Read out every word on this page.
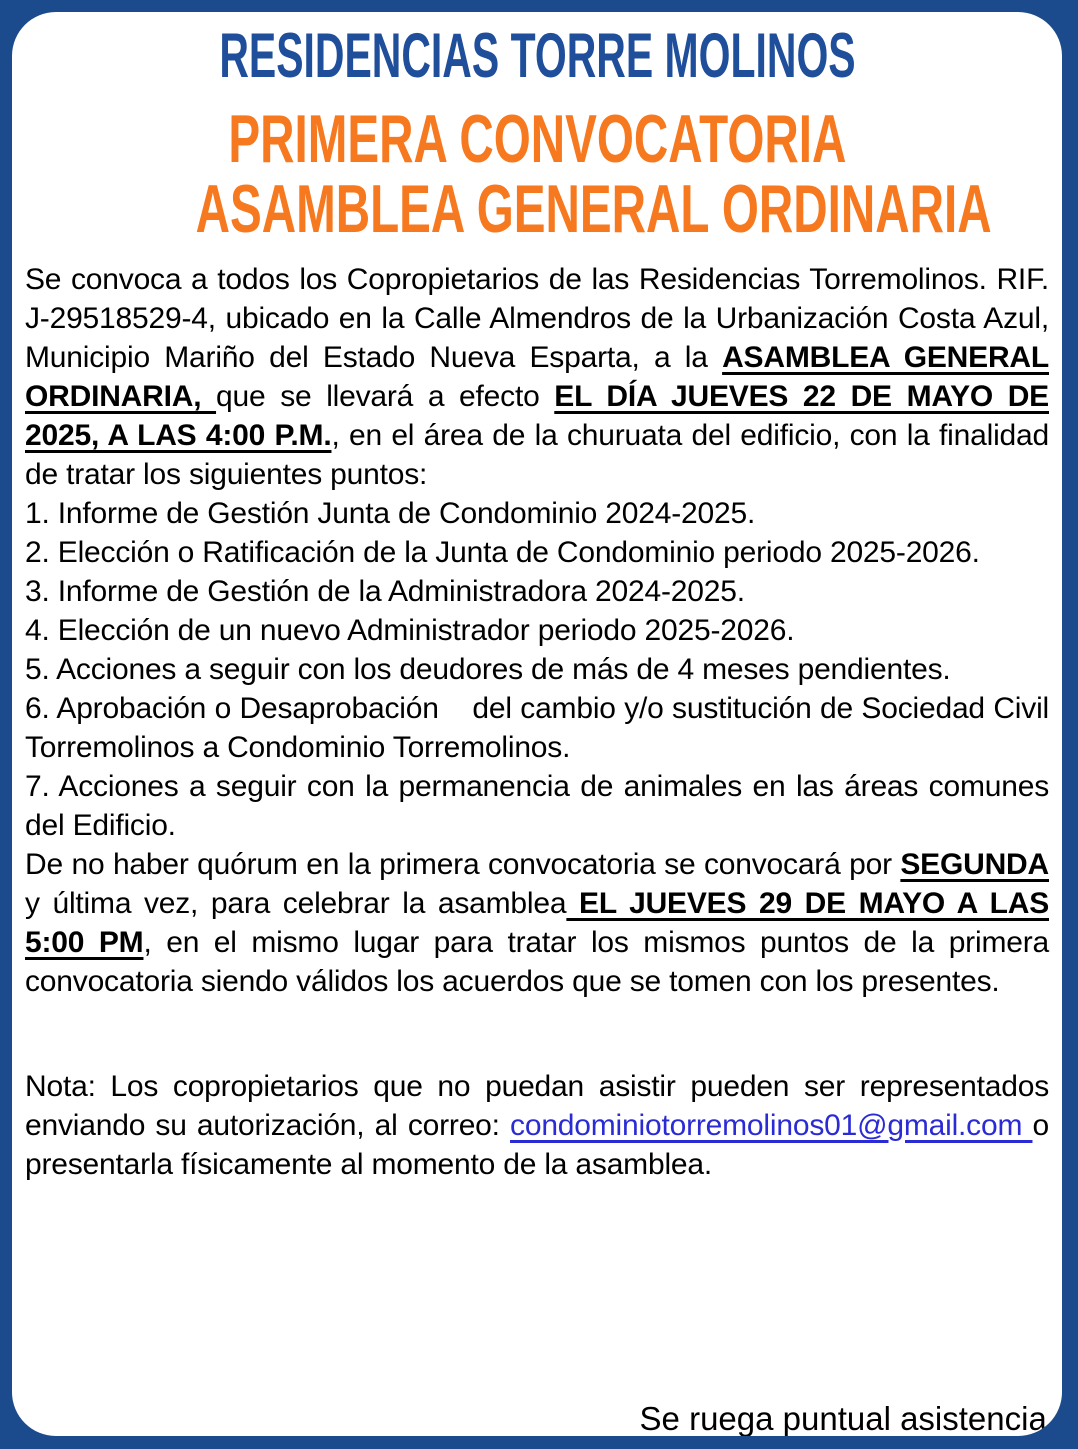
RESIDENCIAS TORRE MOLINOS
PRIMERA CONVOCATORIA
ASAMBLEA GENERAL ORDINARIA

Se convoca a todos los Copropietarios de las Residencias Torremolinos. RIF. J-29518529-4, ubicado en la Calle Almendros de la Urbanización Costa Azul, Municipio Mariño del Estado Nueva Esparta, a la ASAMBLEA GENERAL ORDINARIA, que se llevará a efecto EL DÍA JUEVES 22 DE MAYO DE 2025, A LAS 4:00 P.M., en el área de la churuata del edificio, con la finalidad de tratar los siguientes puntos:

1. Informe de Gestión Junta de Condominio 2024-2025.

2. Elección o Ratificación de la Junta de Condominio periodo 2025-2026.

3. Informe de Gestión de la Administradora 2024-2025.

4. Elección de un nuevo Administrador periodo 2025-2026.

5. Acciones a seguir con los deudores de más de 4 meses pendientes.

6. Aprobación o Desaprobación    del cambio y/o sustitución de Sociedad Civil Torremolinos a Condominio Torremolinos.

7. Acciones a seguir con la permanencia de animales en las áreas comunes del Edificio.

De no haber quórum en la primera convocatoria se convocará por SEGUNDA y última vez, para celebrar la asamblea EL JUEVES 29 DE MAYO A LAS 5:00 PM, en el mismo lugar para tratar los mismos puntos de la primera convocatoria siendo válidos los acuerdos que se tomen con los presentes.

Nota: Los copropietarios que no puedan asistir pueden ser representados enviando su autorización, al correo: condominiotorremolinos01@gmail.com o presentarla físicamente al momento de la asamblea.

Se ruega puntual asistencia.
